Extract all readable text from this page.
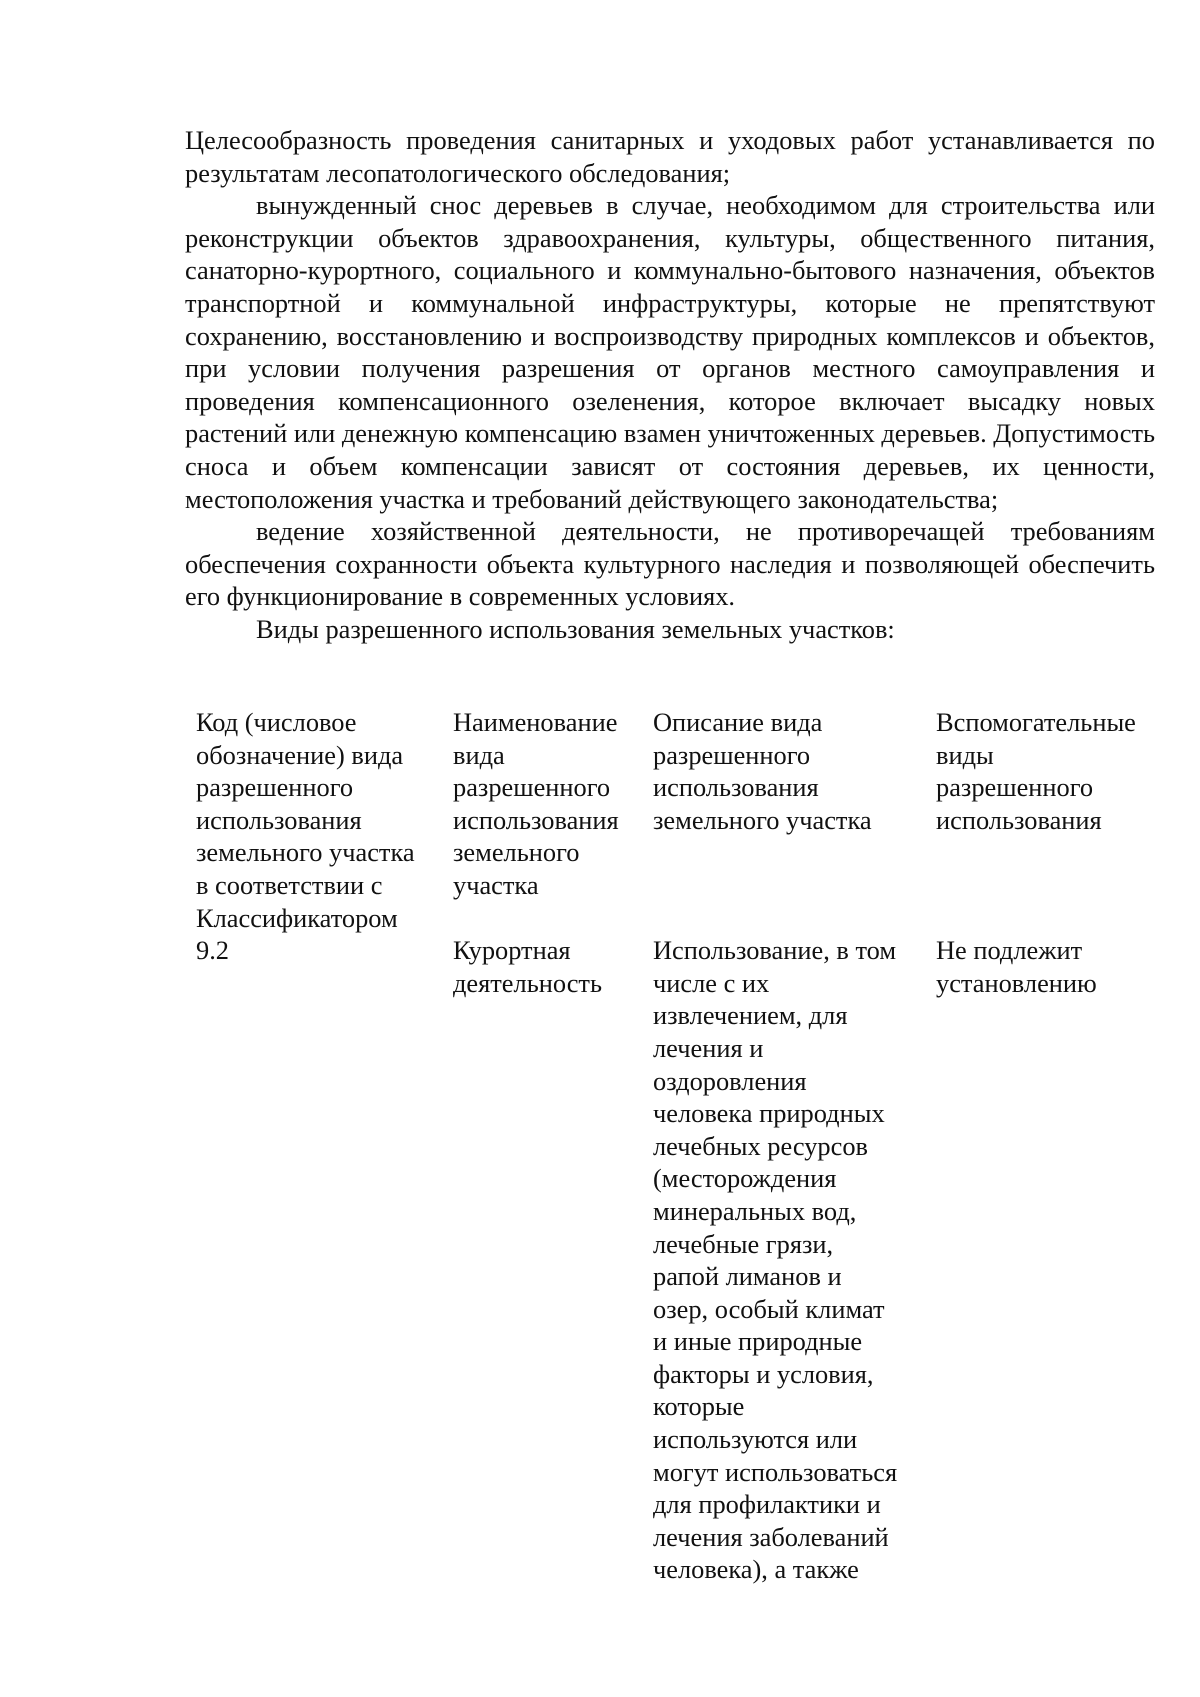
Целесообразность проведения санитарных и уходовых работ устанавливается по результатам лесопатологического обследования;

вынужденный снос деревьев в случае, необходимом для строительства или реконструкции объектов здравоохранения, культуры, общественного питания, санаторно-курортного, социального и коммунально-бытового назначения, объектов транспортной и коммунальной инфраструктуры, которые не препятствуют сохранению, восстановлению и воспроизводству природных комплексов и объектов, при условии получения разрешения от органов местного самоуправления и проведения компенсационного озеленения, которое включает высадку новых растений или денежную компенсацию взамен уничтоженных деревьев. Допустимость сноса и объем компенсации зависят от состояния деревьев, их ценности, местоположения участка и требований действующего законодательства;

ведение хозяйственной деятельности, не противоречащей требованиям обеспечения сохранности объекта культурного наследия и позволяющей обеспечить его функционирование в современных условиях.

Виды разрешенного использования земельных участков:

Код (числовое
обозначение) вида
разрешенного
использования
земельного участка
в соответствии с
Классификатором
Наименование
вида
разрешенного
использования
земельного
участка
Описание вида
разрешенного
использования
земельного участка
Вспомогательные
виды
разрешенного
использования
9.2	Курортная
деятельность
Использование, в том
числе с их
извлечением, для
лечения и
оздоровления
человека природных
лечебных ресурсов
(месторождения
минеральных вод,
лечебные грязи,
рапой лиманов и
озер, особый климат
и иные природные
факторы и условия,
которые
используются или
могут использоваться
для профилактики и
лечения заболеваний
человека), а также
Не подлежит
установлению
